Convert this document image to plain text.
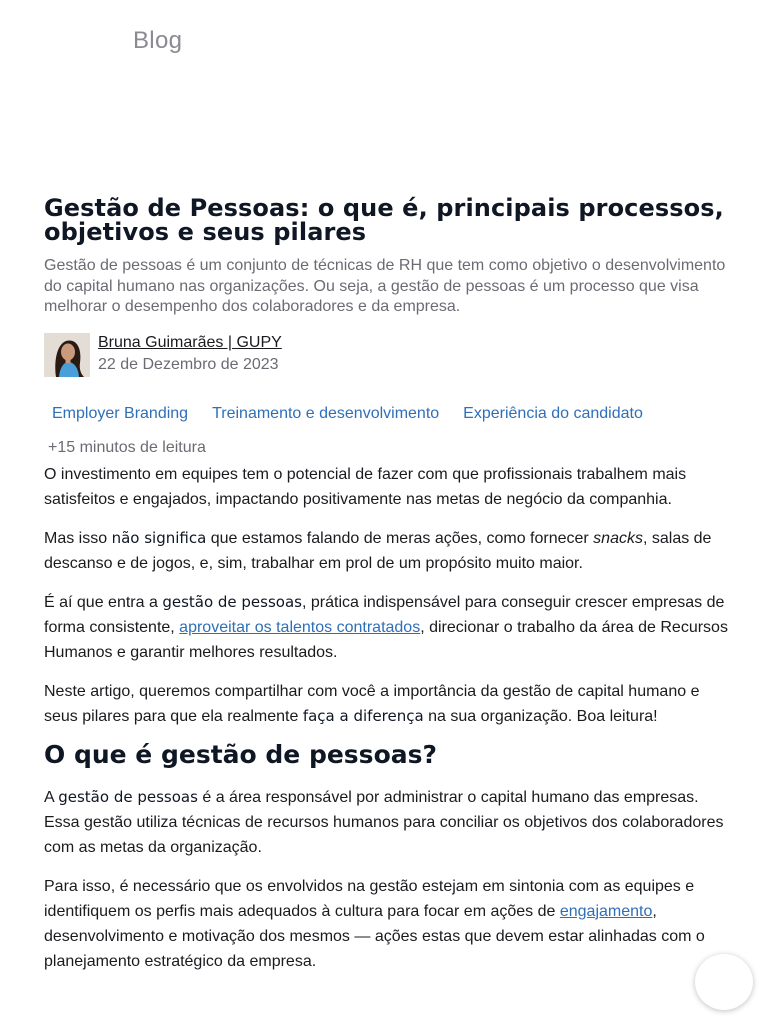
Blog
Gestão de Pessoas: o que é, principais processos, objetivos e seus pilares

Gestão de pessoas é um conjunto de técnicas de RH que tem como objetivo o desenvolvimento do capital humano nas organizações. Ou seja, a gestão de pessoas é um processo que visa melhorar o desempenho dos colaboradores e da empresa.

Bruna Guimarães | GUPY
22 de Dezembro de 2023
Employer Branding Treinamento e desenvolvimento Experiência do candidato
+15 minutos de leitura

O investimento em equipes tem o potencial de fazer com que profissionais trabalhem mais satisfeitos e engajados, impactando positivamente nas metas de negócio da companhia.

Mas isso não significa que estamos falando de meras ações, como fornecer snacks, salas de descanso e de jogos, e, sim, trabalhar em prol de um propósito muito maior.

É aí que entra a gestão de pessoas, prática indispensável para conseguir crescer empresas de forma consistente, aproveitar os talentos contratados, direcionar o trabalho da área de Recursos Humanos e garantir melhores resultados.

Neste artigo, queremos compartilhar com você a importância da gestão de capital humano e seus pilares para que ela realmente faça a diferença na sua organização. Boa leitura!

O que é gestão de pessoas?

A gestão de pessoas é a área responsável por administrar o capital humano das empresas. Essa gestão utiliza técnicas de recursos humanos para conciliar os objetivos dos colaboradores com as metas da organização.

Para isso, é necessário que os envolvidos na gestão estejam em sintonia com as equipes e identifiquem os perfis mais adequados à cultura para focar em ações de engajamento, desenvolvimento e motivação dos mesmos — ações estas que devem estar alinhadas com o planejamento estratégico da empresa.
